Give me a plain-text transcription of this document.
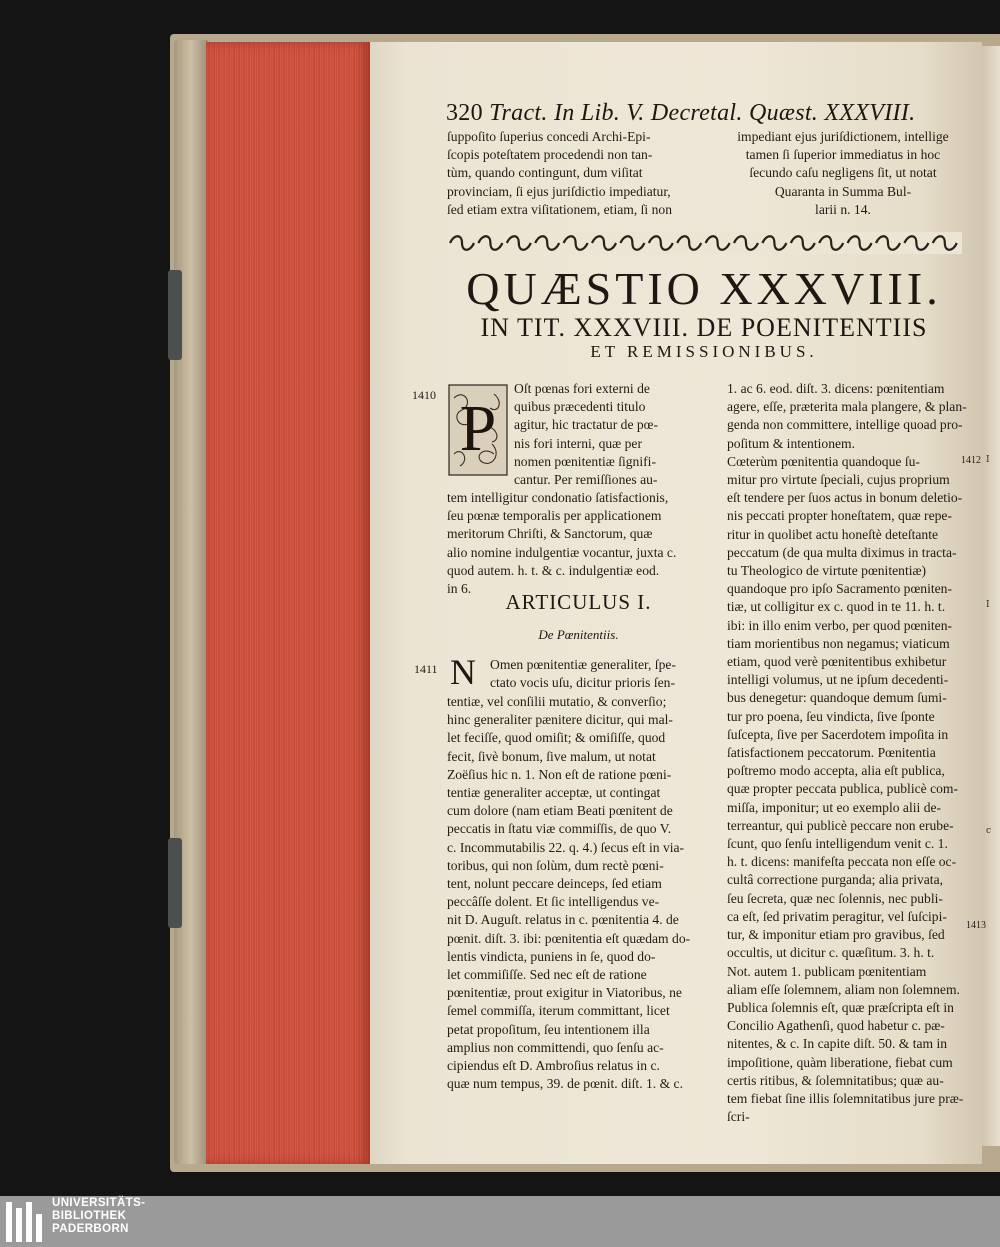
I
I
c
320 Tract. In Lib. V. Decretal. Quæst. XXXVIII.

ſuppoſito ſuperius concedi Archi-Epi-

ſcopis poteſtatem procedendi non tan-

tùm, quando contingunt, dum viſitat

provinciam, ſi ejus juriſdictio impediatur,

ſed etiam extra viſitationem, etiam, ſi non

impediant ejus juriſdictionem, intellige

tamen ſi ſuperior immediatus in hoc

ſecundo caſu negligens ſit, ut notat

Quaranta in Summa Bul-

larii n. 14.

QUÆSTIO XXXVIII.
IN TIT. XXXVIII. DE POENITENTIIS
ET REMISSIONIBUS.
1410
1411
1412
1413
P

Oſt pœnas fori externi de

quibus præcedenti titulo

agitur, hic tractatur de pœ-

nis fori interni, quæ per

nomen pœnitentiæ ſignifi-

cantur. Per remiſſiones au-

tem intelligitur condonatio ſatisfactionis,

ſeu pœnæ temporalis per applicationem

meritorum Chriſti, & Sanctorum, quæ

alio nomine indulgentiæ vocantur, juxta c.

quod autem. h. t. & c. indulgentiæ eod.

in 6.

ARTICULUS I.
De Pœnitentiis.
N Omen pœnitentiæ generaliter, ſpe-

ctato vocis uſu, dicitur prioris ſen-

tentiæ, vel conſilii mutatio, & converſio;

hinc generaliter pænitere dicitur, qui mal-

let feciſſe, quod omiſit; & omiſiſſe, quod

fecit, ſivè bonum, ſive malum, ut notat

Zoëſius hic n. 1. Non eſt de ratione pœni-

tentiæ generaliter acceptæ, ut contingat

cum dolore (nam etiam Beati pœnitent de

peccatis in ſtatu viæ commiſſis, de quo V.

c. Incommutabilis 22. q. 4.) ſecus eſt in via-

toribus, qui non ſolùm, dum rectè pœni-

tent, nolunt peccare deinceps, ſed etiam

peccâſſe dolent. Et ſic intelligendus ve-

nit D. Auguſt. relatus in c. pœnitentia 4. de

pœnit. diſt. 3. ibi: pœnitentia eſt quædam do-

lentis vindicta, puniens in ſe, quod do-

let commiſiſſe. Sed nec eſt de ratione

pœnitentiæ, prout exigitur in Viatoribus, ne

ſemel commiſſa, iterum committant, licet

petat propoſitum, ſeu intentionem illa

amplius non committendi, quo ſenſu ac-

cipiendus eſt D. Ambroſius relatus in c.

quæ num tempus, 39. de pœnit. diſt. 1. & c.

1. ac 6. eod. diſt. 3. dicens: pœnitentiam

agere, eſſe, præterita mala plangere, & plan-

genda non committere, intellige quoad pro-

poſitum & intentionem.

Cœterùm pœnitentia quandoque ſu-

mitur pro virtute ſpeciali, cujus proprium

eſt tendere per ſuos actus in bonum deletio-

nis peccati propter honeſtatem, quæ repe-

ritur in quolibet actu honeſtè deteſtante

peccatum (de qua multa diximus in tracta-

tu Theologico de virtute pœnitentiæ)

quandoque pro ipſo Sacramento pœniten-

tiæ, ut colligitur ex c. quod in te 11. h. t.

ibi: in illo enim verbo, per quod pœniten-

tiam morientibus non negamus; viaticum

etiam, quod verè pœnitentibus exhibetur

intelligi volumus, ut ne ipſum decedenti-

bus denegetur: quandoque demum ſumi-

tur pro poena, ſeu vindicta, ſive ſponte

ſuſcepta, ſive per Sacerdotem impoſita in

ſatisfactionem peccatorum. Pœnitentia

poſtremo modo accepta, alia eſt publica,

quæ propter peccata publica, publicè com-

miſſa, imponitur; ut eo exemplo alii de-

terreantur, qui publicè peccare non erube-

ſcunt, quo ſenſu intelligendum venit c. 1.

h. t. dicens: manifeſta peccata non eſſe oc-

cultâ correctione purganda; alia privata,

ſeu ſecreta, quæ nec ſolennis, nec publi-

ca eſt, ſed privatim peragitur, vel ſuſcipi-

tur, & imponitur etiam pro gravibus, ſed

occultis, ut dicitur c. quæſitum. 3. h. t.

Not. autem 1. publicam pœnitentiam

aliam eſſe ſolemnem, aliam non ſolemnem.

Publica ſolemnis eſt, quæ præſcripta eſt in

Concilio Agathenſi, quod habetur c. pæ-

nitentes, & c. In capite diſt. 50. & tam in

impoſitione, quàm liberatione, fiebat cum

certis ritibus, & ſolemnitatibus; quæ au-

tem fiebat ſine illis ſolemnitatibus jure præ-

ſcri-

UNIVERSITÄTS-
BIBLIOTHEK
PADERBORN
